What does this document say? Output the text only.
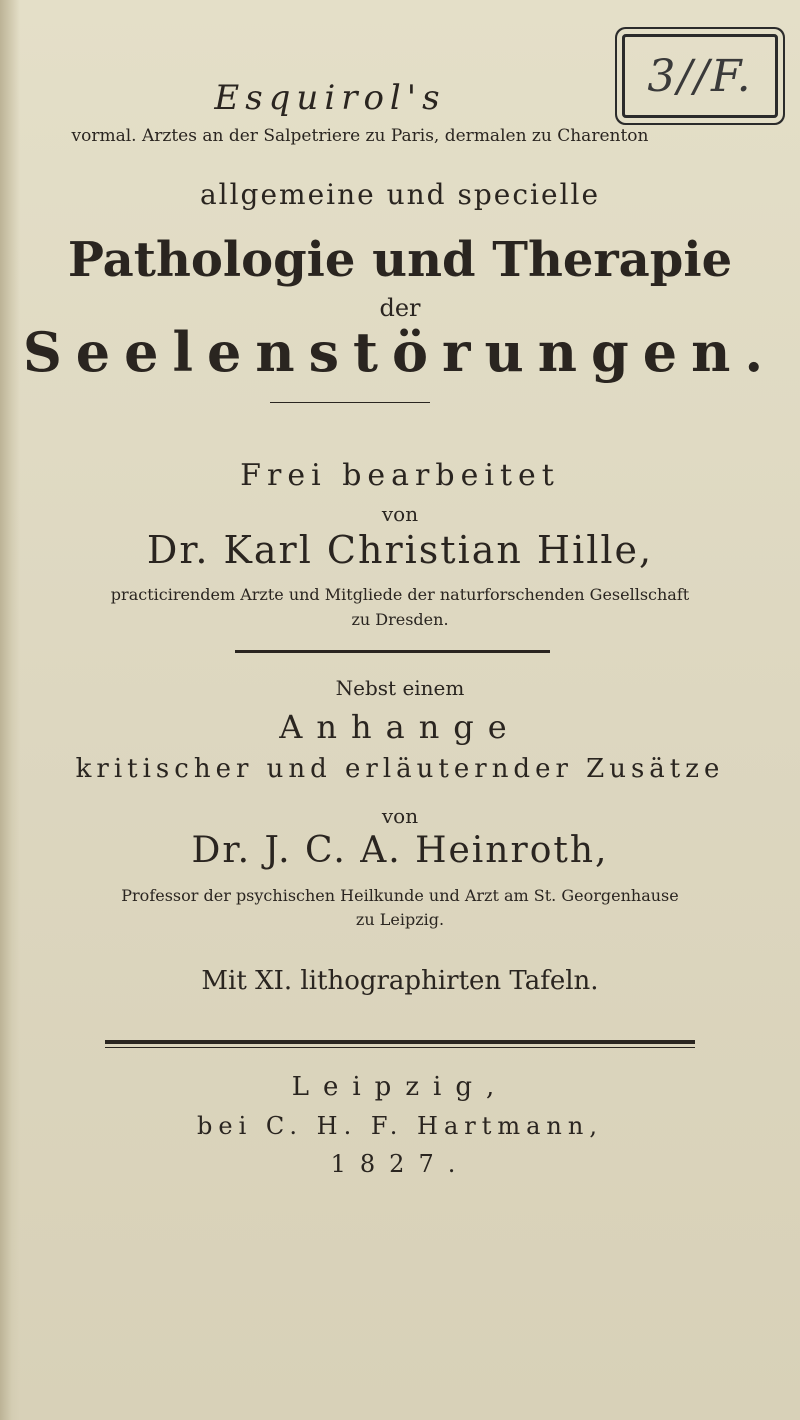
3//F.
Esquirol's
vormal. Arztes an der Salpetriere zu Paris, dermalen zu Charenton
allgemeine und specielle
Pathologie und Therapie
der
Seelenstörungen.
Frei bearbeitet
von
Dr. Karl Christian Hille,
practicirendem Arzte und Mitgliede der naturforschenden Gesellschaft
zu Dresden.
Nebst einem
Anhange
kritischer und erläuternder Zusätze
von
Dr. J. C. A. Heinroth,
Professor der psychischen Heilkunde und Arzt am St. Georgenhause
zu Leipzig.
Mit XI. lithographirten Tafeln.
Leipzig,
bei C. H. F. Hartmann,
1827.
